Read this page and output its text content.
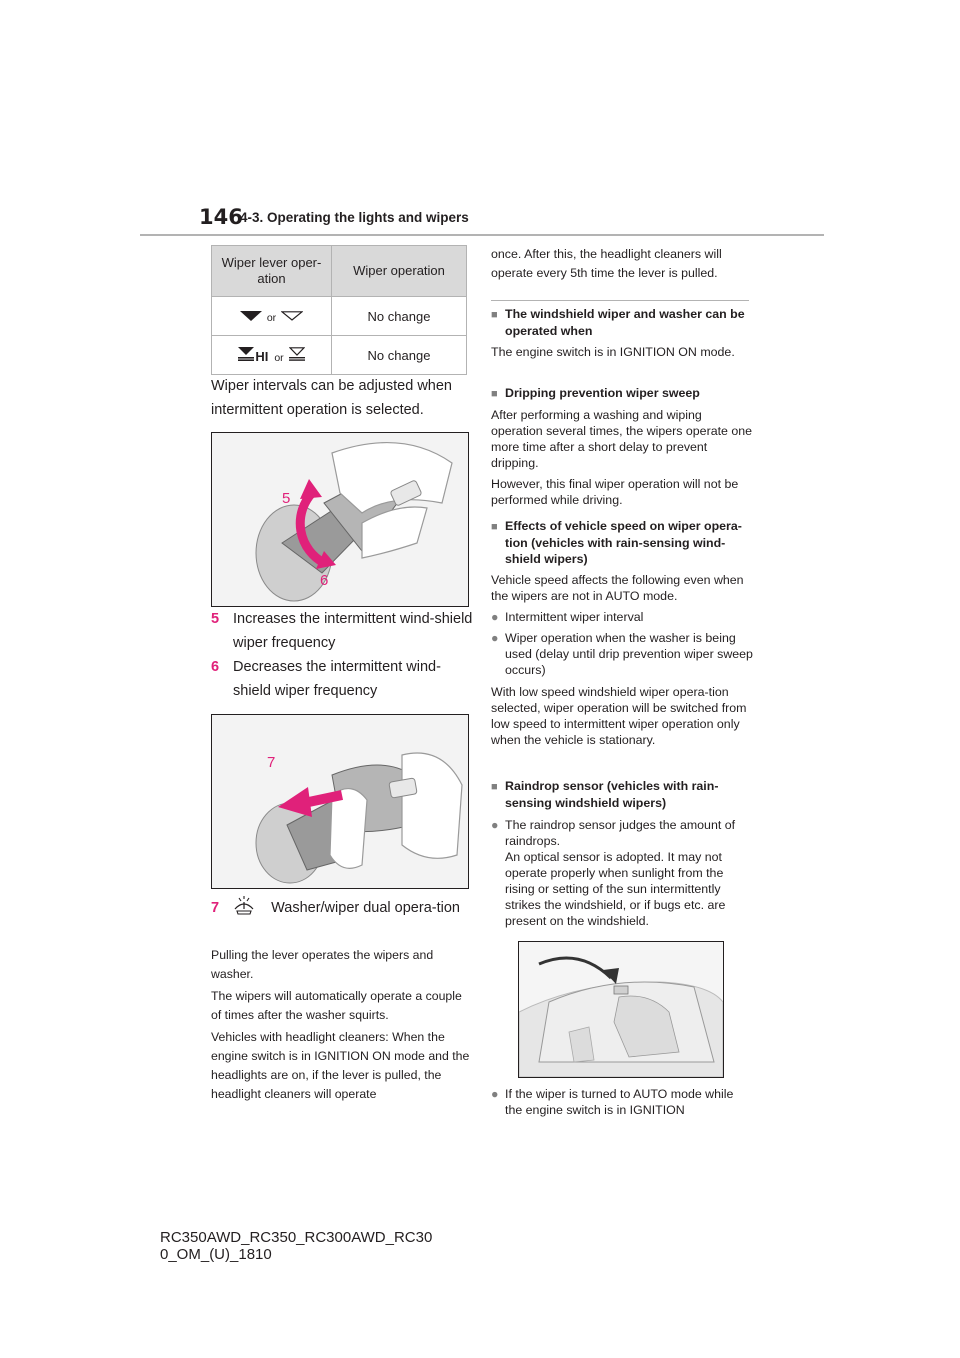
146
4-3. Operating the lights and wipers
Wiper lever oper-
ation	Wiper operation
or	No change
HI or	No change
Wiper intervals can be adjusted when intermittent operation is selected.
5
6
5 Increases the intermittent wind-shield wiper frequency
6 Decreases the intermittent wind-shield wiper frequency
7
7	Washer/wiper dual opera-tion
Pulling the lever operates the wipers and washer.
The wipers will automatically operate a couple of times after the washer squirts.
Vehicles with headlight cleaners: When the engine switch is in IGNITION ON mode and the headlights are on, if the lever is pulled, the headlight cleaners will operate
once. After this, the headlight cleaners will operate every 5th time the lever is pulled.

■ The windshield wiper and washer can be operated when

The engine switch is in IGNITION ON mode.

■ Dripping prevention wiper sweep

After performing a washing and wiping operation several times, the wipers operate one more time after a short delay to prevent dripping.

However, this final wiper operation will not be performed while driving.

■ Effects of vehicle speed on wiper opera-tion (vehicles with rain-sensing wind-shield wipers)

Vehicle speed affects the following even when the wipers are not in AUTO mode.

● Intermittent wiper interval

● Wiper operation when the washer is being used (delay until drip prevention wiper sweep occurs)

With low speed windshield wiper opera-tion selected, wiper operation will be switched from low speed to intermittent wiper operation only when the vehicle is stationary.

■ Raindrop sensor (vehicles with rain-sensing windshield wipers)

● The raindrop sensor judges the amount of raindrops.

An optical sensor is adopted. It may not operate properly when sunlight from the rising or setting of the sun intermittently strikes the windshield, or if bugs etc. are present on the windshield.

● If the wiper is turned to AUTO mode while the engine switch is in IGNITION

RC350AWD_RC350_RC300AWD_RC30
0_OM_(U)_1810
